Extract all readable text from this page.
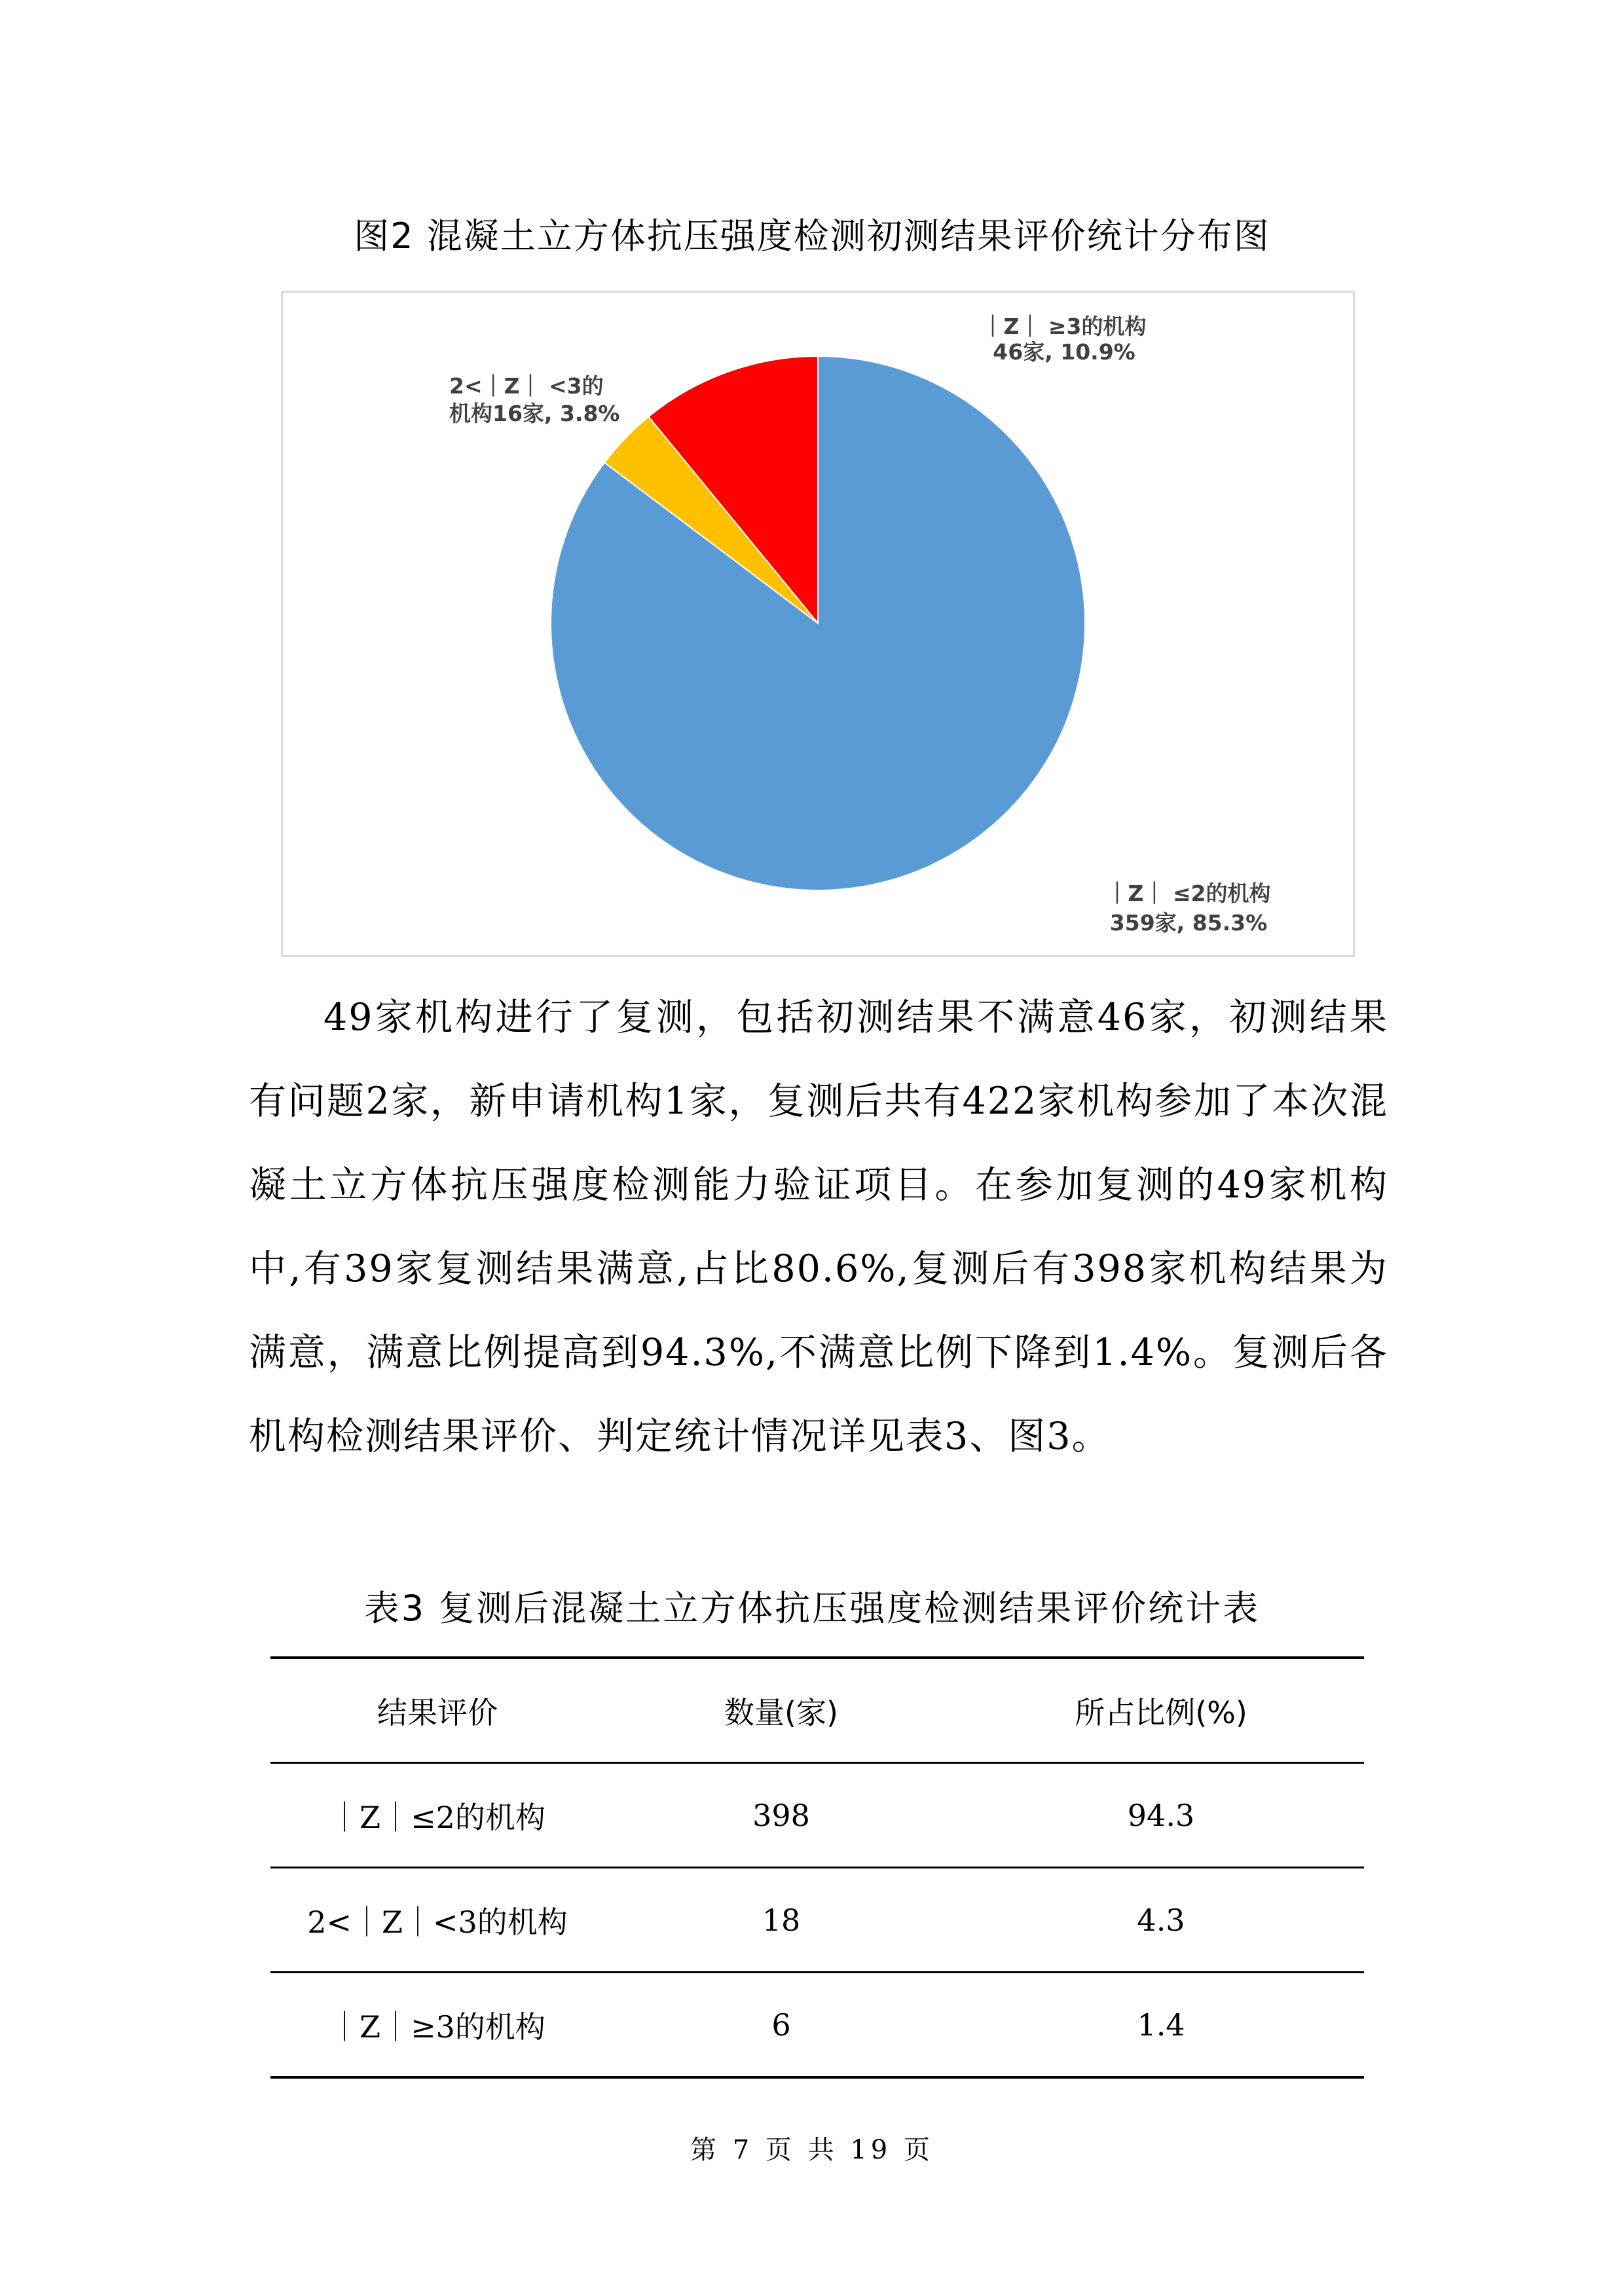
图2 混凝土立方体抗压强度检测初测结果评价统计分布图
｜Z｜ ≥3的机构
46家, 10.9%
2<｜Z｜ <3的
机构16家, 3.8%
｜Z｜ ≤2的机构
359家, 85.3%

49家机构进行了复测，包括初测结果不满意46家，初测结果有问题2家，新申请机构1家，复测后共有422家机构参加了本次混凝土立方体抗压强度检测能力验证项目。在参加复测的49家机构中,有39家复测结果满意,占比80.6%,复测后有398家机构结果为满意，满意比例提高到94.3%,不满意比例下降到1.4%。复测后各机构检测结果评价、判定统计情况详见表3、图3。

表3 复测后混凝土立方体抗压强度检测结果评价统计表
结果评价	数量(家)	所占比例(%)
｜Z｜≤2的机构	398	94.3
2<｜Z｜<3的机构	18	4.3
｜Z｜≥3的机构	6	1.4
第 7 页 共 19 页
